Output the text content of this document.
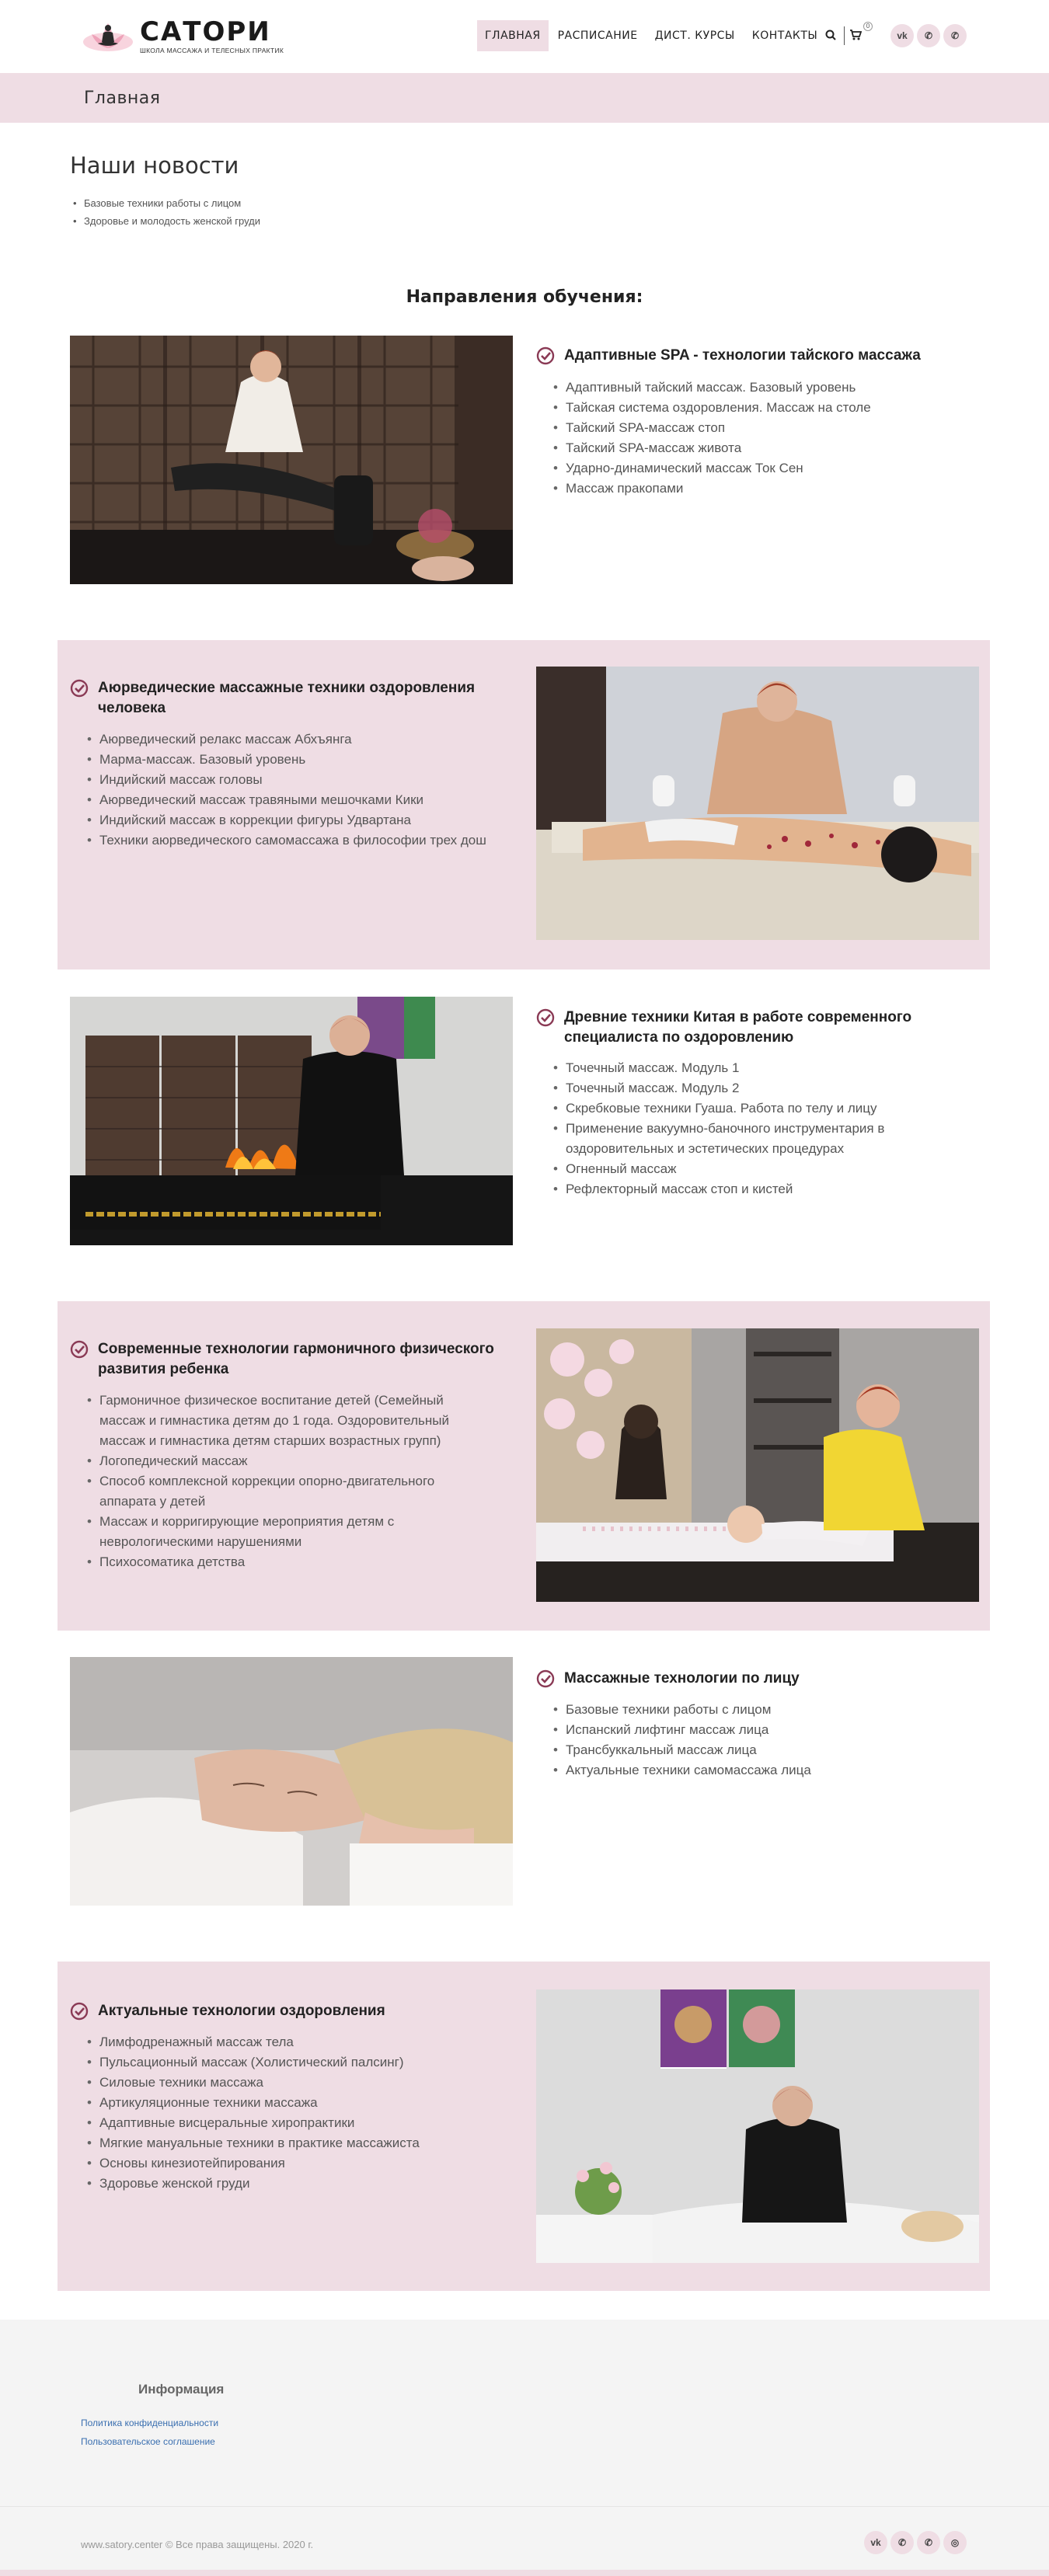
САТОРИ
ШКОЛА МАССАЖА И ТЕЛЕСНЫХ ПРАКТИК
ГЛАВНАЯ	РАСПИСАНИЕ	ДИСТ. КУРСЫ	КОНТАКТЫ
0
vk	✆	✆
Главная
Наши новости
• Базовые техники работы с лицом
• Здоровье и молодость женской груди
Направления обучения:
Адаптивные SPA - технологии тайского массажа
• Адаптивный тайский массаж. Базовый уровень
• Тайская система оздоровления. Массаж на столе
• Тайский SPA-массаж стоп
• Тайский SPA-массаж живота
• Ударно-динамический массаж Ток Сен
• Массаж пракопами
Аюрведические массажные техники оздоровления человека
• Аюрведический релакс массаж Абхъянга
• Марма-массаж. Базовый уровень
• Индийский массаж головы
• Аюрведический массаж травяными мешочками Кики
• Индийский массаж в коррекции фигуры Удвартана
• Техники аюрведического самомассажа в философии трех дош
Древние техники Китая в работе современного специалиста по оздоровлению
• Точечный массаж. Модуль 1
• Точечный массаж. Модуль 2
• Скребковые техники Гуаша. Работа по телу и лицу
• Применение вакуумно-баночного инструментария в оздоровительных и эстетических процедурах
• Огненный массаж
• Рефлекторный массаж стоп и кистей
Современные технологии гармоничного физического развития ребенка
• Гармоничное физическое воспитание детей (Семейный массаж и гимнастика детям до 1 года. Оздоровительный массаж и гимнастика детям старших возрастных групп)
• Логопедический массаж
• Способ комплексной коррекции опорно-двигательного аппарата у детей
• Массаж и корригирующие мероприятия детям с неврологическими нарушениями
• Психосоматика детства
Массажные технологии по лицу
• Базовые техники работы с лицом
• Испанский лифтинг массаж лица
• Трансбуккальный массаж лица
• Актуальные техники самомассажа лица
Актуальные технологии оздоровления
• Лимфодренажный массаж тела
• Пульсационный массаж (Холистический палсинг)
• Силовые техники массажа
• Артикуляционные техники массажа
• Адаптивные висцеральные хиропрактики
• Мягкие мануальные техники в практике массажиста
• Основы кинезиотейпирования
• Здоровье женской груди
Информация
Политика конфиденциальности
Пользовательское соглашение
www.satory.center © Все права защищены. 2020 г.	vk	✆	✆	◎
